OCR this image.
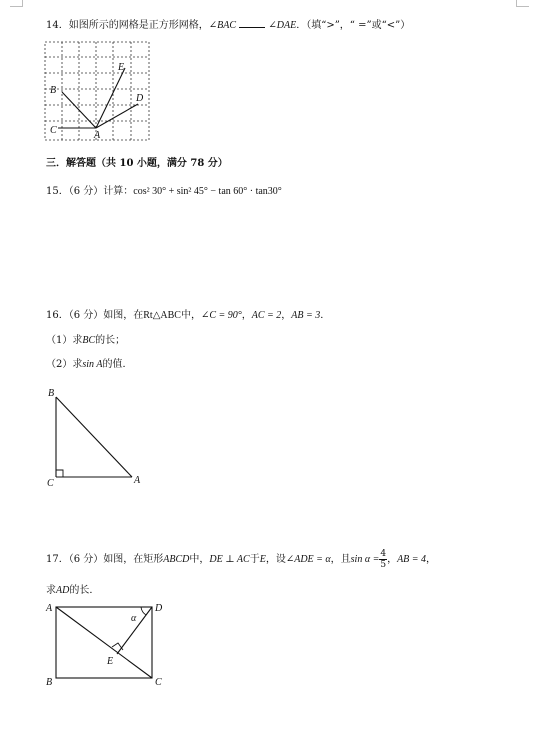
14．如图所示的网格是正方形网格，∠BAC	∠DAE．（填“>”，“ =”或“<”）
B
C	A
E
D
B
C	A
A	D
B	C
E
α
三．解答题（共 10 小题，满分 78 分）
15．（6 分）计算：cos² 30° + sin² 45° − tan 60° · tan30°
16．（6 分）如图，在Rt△ABC中，∠C = 90°，AC = 2，AB = 3．
（1）求BC的长；
（2）求sin A的值．
17．（6 分）如图，在矩形ABCD中，DE ⊥ AC于E，设∠ADE = α，且$\sin \alpha = \frac{4}{5}$ ，AB = 4，
求AD的长．
